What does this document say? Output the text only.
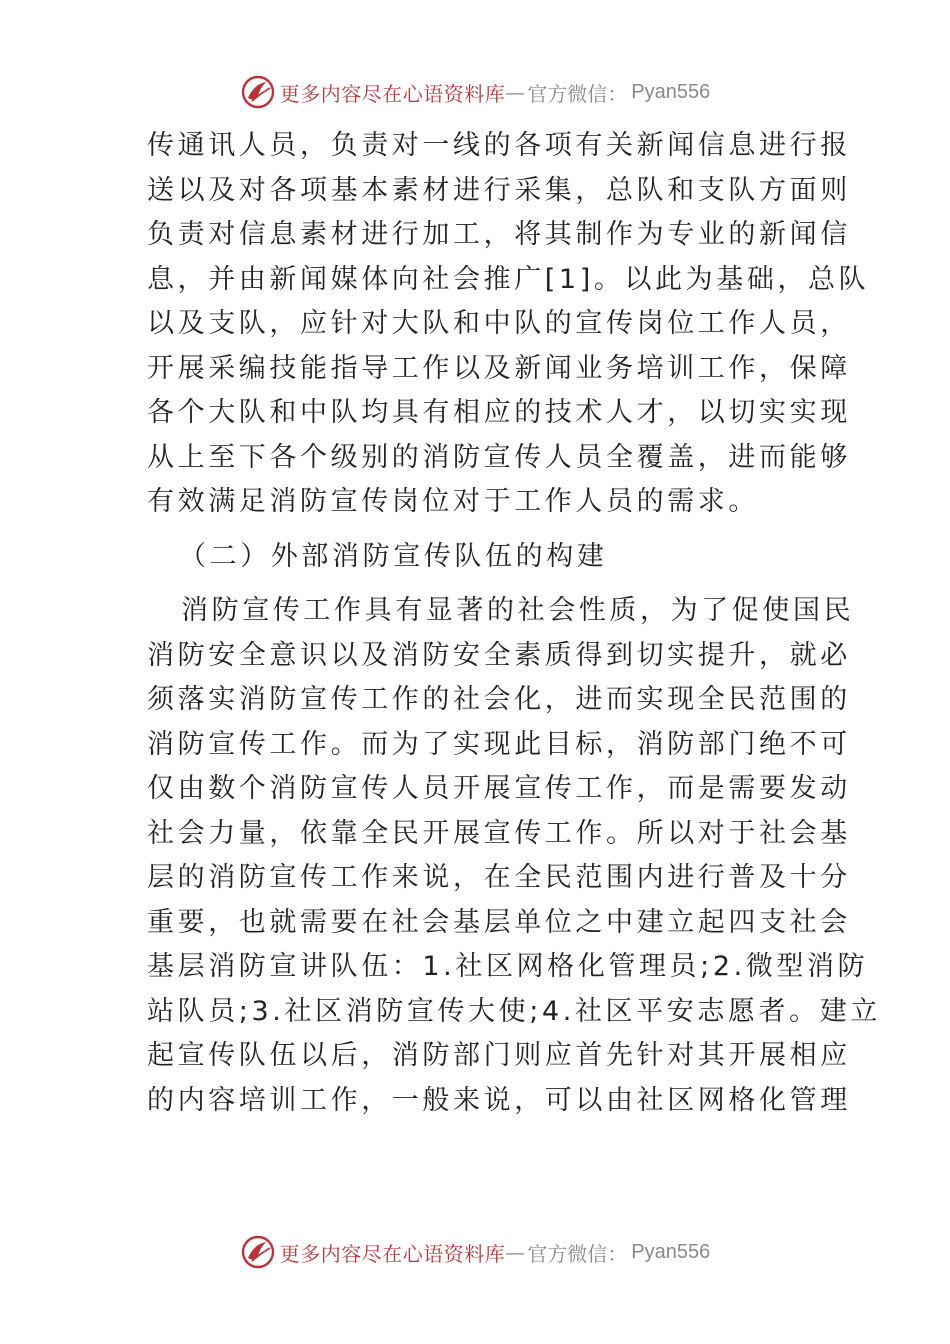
更多内容尽在心语资料库 — 官方微信： Pyan556
传通讯人员，负责对一线的各项有关新闻信息进行报
送以及对各项基本素材进行采集，总队和支队方面则
负责对信息素材进行加工，将其制作为专业的新闻信
息，并由新闻媒体向社会推广[1]。以此为基础，总队
以及支队，应针对大队和中队的宣传岗位工作人员，
开展采编技能指导工作以及新闻业务培训工作，保障
各个大队和中队均具有相应的技术人才，以切实实现
从上至下各个级别的消防宣传人员全覆盖，进而能够
有效满足消防宣传岗位对于工作人员的需求。
（二）外部消防宣传队伍的构建
消防宣传工作具有显著的社会性质，为了促使国民
消防安全意识以及消防安全素质得到切实提升，就必
须落实消防宣传工作的社会化，进而实现全民范围的
消防宣传工作。而为了实现此目标，消防部门绝不可
仅由数个消防宣传人员开展宣传工作，而是需要发动
社会力量，依靠全民开展宣传工作。所以对于社会基
层的消防宣传工作来说，在全民范围内进行普及十分
重要，也就需要在社会基层单位之中建立起四支社会
基层消防宣讲队伍：1.社区网格化管理员;2.微型消防
站队员;3.社区消防宣传大使;4.社区平安志愿者。建立
起宣传队伍以后，消防部门则应首先针对其开展相应
的内容培训工作，一般来说，可以由社区网格化管理
更多内容尽在心语资料库 — 官方微信： Pyan556
